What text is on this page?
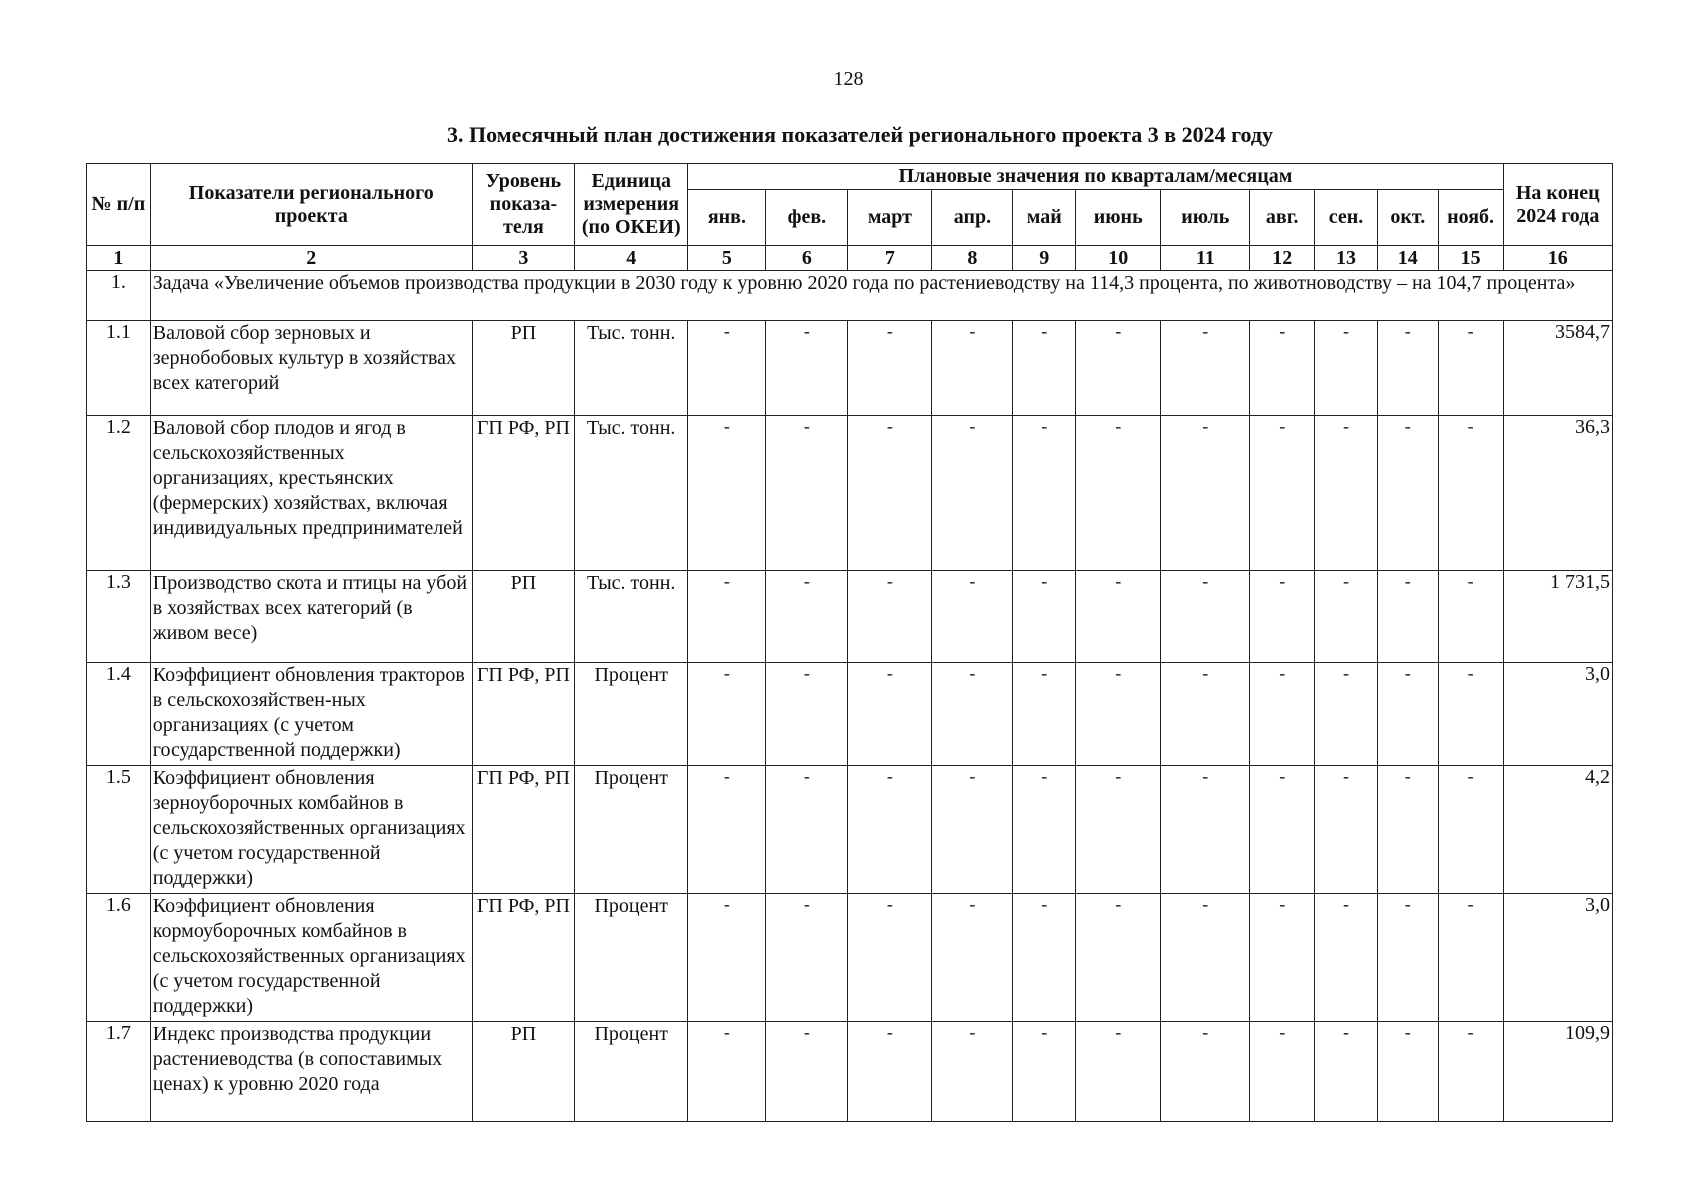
128
3. Помесячный план достижения показателей регионального проекта 3 в 2024 году
№ п/п	Показатели регионального проекта	Уровень показа-теля	Единица измерения (по ОКЕИ)	Плановые значения по кварталам/месяцам											На конец 2024 года
				янв.	фев.	март	апр.	май	июнь	июль	авг.	сен.	окт.	нояб.	
1	2	3	4	5	6	7	8	9	10	11	12	13	14	15	16
1.	Задача «Увеличение объемов производства продукции в 2030 году к уровню 2020 года по растениеводству на 114,3 процента, по животноводству – на 104,7 процента»														
1.1	Валовой сбор зерновых и зернобобовых культур в хозяйствах всех категорий	РП	Тыс. тонн.	-	-	-	-	-	-	-	-	-	-	-	3584,7
1.2	Валовой сбор плодов и ягод в сельскохозяйственных организациях, крестьянских (фермерских) хозяйствах, включая индивидуальных предпринимателей	ГП РФ, РП	Тыс. тонн.	-	-	-	-	-	-	-	-	-	-	-	36,3
1.3	Производство скота и птицы на убой в хозяйствах всех категорий (в живом весе)	РП	Тыс. тонн.	-	-	-	-	-	-	-	-	-	-	-	1 731,5
1.4	Коэффициент обновления тракторов в сельскохозяйствен-ных организациях (с учетом государственной поддержки)	ГП РФ, РП	Процент	-	-	-	-	-	-	-	-	-	-	-	3,0
1.5	Коэффициент обновления зерноуборочных комбайнов в сельскохозяйственных организациях (с учетом государственной поддержки)	ГП РФ, РП	Процент	-	-	-	-	-	-	-	-	-	-	-	4,2
1.6	Коэффициент обновления кормоуборочных комбайнов в сельскохозяйственных организациях (с учетом государственной поддержки)	ГП РФ, РП	Процент	-	-	-	-	-	-	-	-	-	-	-	3,0
1.7	Индекс производства продукции растениеводства (в сопоставимых ценах) к уровню 2020 года	РП	Процент	-	-	-	-	-	-	-	-	-	-	-	109,9
